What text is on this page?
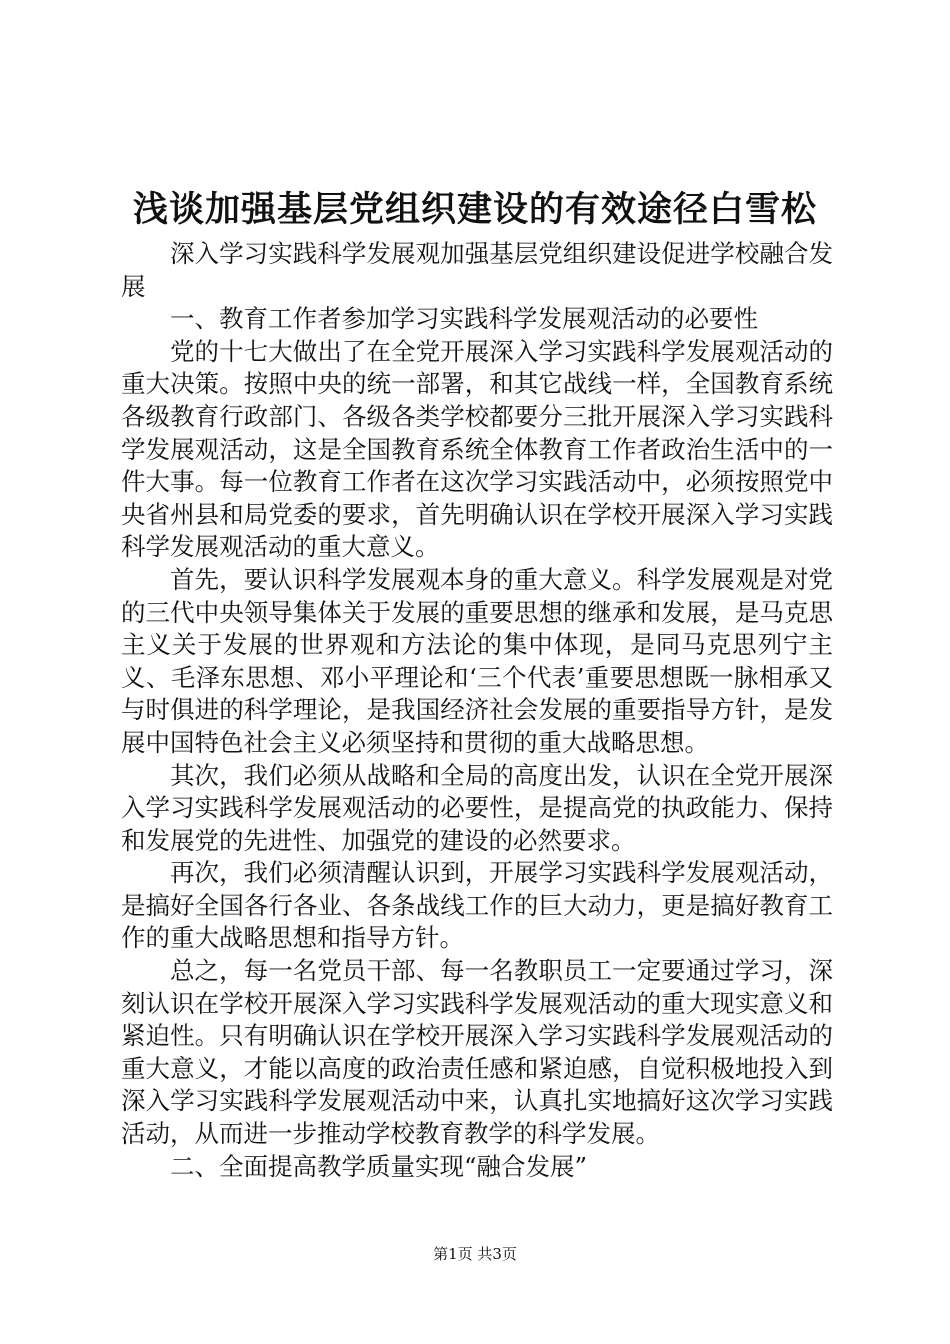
浅谈加强基层党组织建设的有效途径白雪松

深入学习实践科学发展观加强基层党组织建设促进学校融合发展

一、教育工作者参加学习实践科学发展观活动的必要性

党的十七大做出了在全党开展深入学习实践科学发展观活动的重大决策。按照中央的统一部署，和其它战线一样，全国教育系统各级教育行政部门、各级各类学校都要分三批开展深入学习实践科学发展观活动，这是全国教育系统全体教育工作者政治生活中的一件大事。每一位教育工作者在这次学习实践活动中，必须按照党中央省州县和局党委的要求，首先明确认识在学校开展深入学习实践科学发展观活动的重大意义。

首先，要认识科学发展观本身的重大意义。科学发展观是对党的三代中央领导集体关于发展的重要思想的继承和发展，是马克思主义关于发展的世界观和方法论的集中体现，是同马克思列宁主义、毛泽东思想、邓小平理论和‘三个代表’重要思想既一脉相承又与时俱进的科学理论，是我国经济社会发展的重要指导方针，是发展中国特色社会主义必须坚持和贯彻的重大战略思想。

其次，我们必须从战略和全局的高度出发，认识在全党开展深入学习实践科学发展观活动的必要性，是提高党的执政能力、保持和发展党的先进性、加强党的建设的必然要求。

再次，我们必须清醒认识到，开展学习实践科学发展观活动，是搞好全国各行各业、各条战线工作的巨大动力，更是搞好教育工作的重大战略思想和指导方针。

总之，每一名党员干部、每一名教职员工一定要通过学习，深刻认识在学校开展深入学习实践科学发展观活动的重大现实意义和紧迫性。只有明确认识在学校开展深入学习实践科学发展观活动的重大意义，才能以高度的政治责任感和紧迫感，自觉积极地投入到深入学习实践科学发展观活动中来，认真扎实地搞好这次学习实践活动，从而进一步推动学校教育教学的科学发展。

二、全面提高教学质量实现“融合发展”

第1页 共3页
